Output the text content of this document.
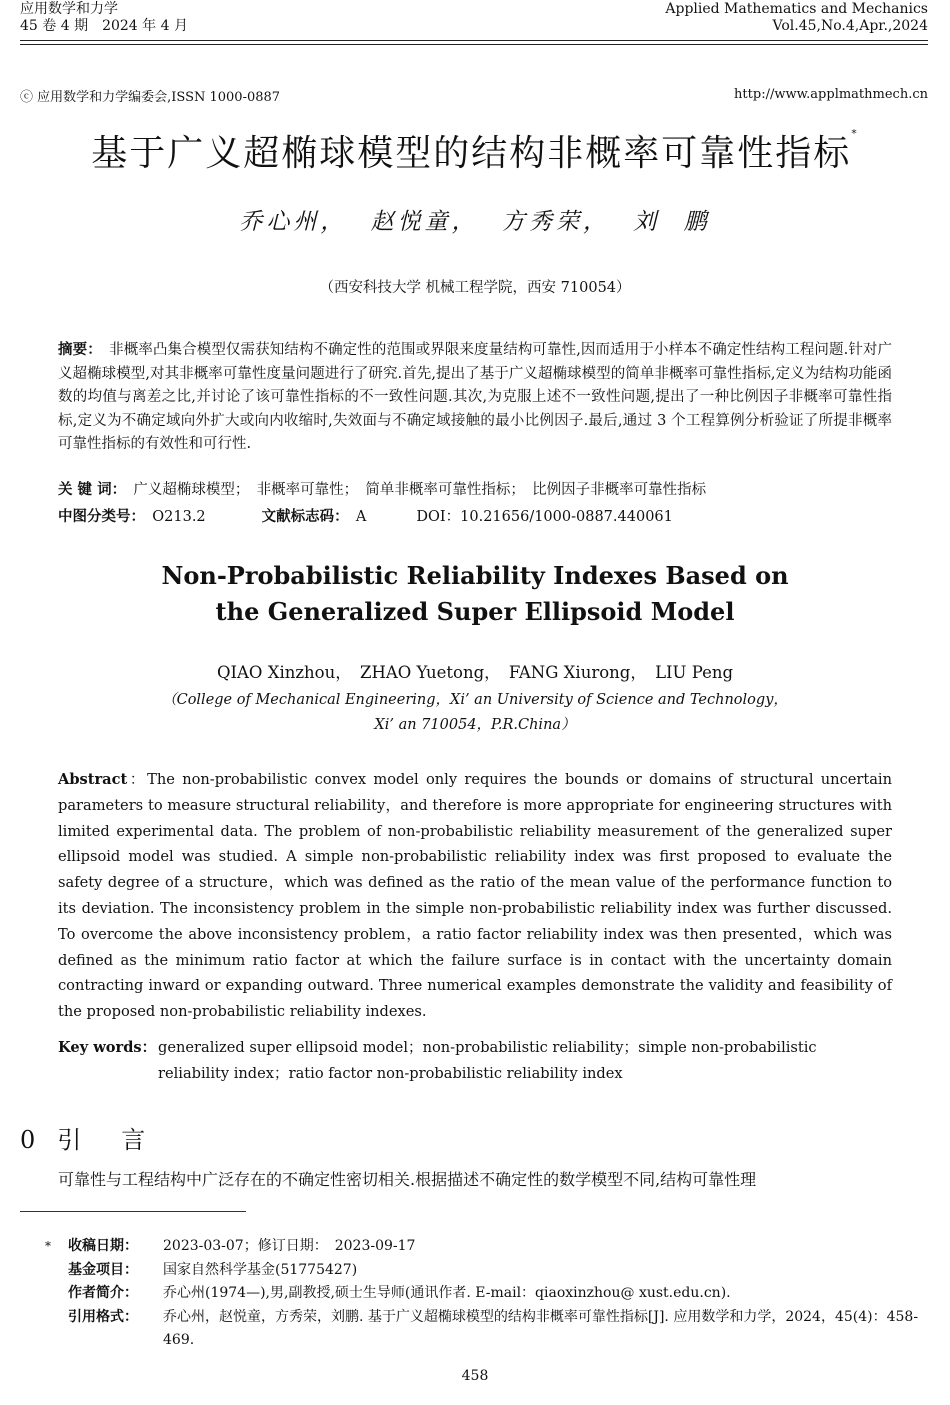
应用数学和力学
45 卷 4 期　2024 年 4 月
Applied Mathematics and Mechanics
Vol.45,No.4,Apr.,2024
ⓒ 应用数学和力学编委会,ISSN 1000-0887	http://www.applmathmech.cn
基于广义超椭球模型的结构非概率可靠性指标*
乔心州， 赵悦童， 方秀荣， 刘 鹏
（西安科技大学 机械工程学院，西安 710054）
摘要：　 非概率凸集合模型仅需获知结构不确定性的范围或界限来度量结构可靠性,因而适用于小样本不确定性结构工程问题.针对广义超椭球模型,对其非概率可靠性度量问题进行了研究.首先,提出了基于广义超椭球模型的简单非概率可靠性指标,定义为结构功能函数的均值与离差之比,并讨论了该可靠性指标的不一致性问题.其次,为克服上述不一致性问题,提出了一种比例因子非概率可靠性指标,定义为不确定域向外扩大或向内收缩时,失效面与不确定域接触的最小比例因子.最后,通过 3 个工程算例分析验证了所提非概率可靠性指标的有效性和可行性.
关 键 词：　 广义超椭球模型；　非概率可靠性；　简单非概率可靠性指标；　比例因子非概率可靠性指标
中图分类号：　 O213.2	文献标志码：　 A	DOI：10.21656/1000-0887.440061
Non-Probabilistic Reliability Indexes Based on
the Generalized Super Ellipsoid Model
QIAO Xinzhou，　ZHAO Yuetong，　FANG Xiurong，　LIU Peng
（College of Mechanical Engineering，Xi’ an University of Science and Technology，
Xi’ an 710054，P.R.China）
Abstract：The non-probabilistic convex model only requires the bounds or domains of structural uncertain parameters to measure structural reliability，and therefore is more appropriate for engineering structures with limited experimental data. The problem of non-probabilistic reliability measurement of the generalized super ellipsoid model was studied. A simple non-probabilistic reliability index was first proposed to evaluate the safety degree of a structure，which was defined as the ratio of the mean value of the performance function to its deviation. The inconsistency problem in the simple non-probabilistic reliability index was further discussed. To overcome the above inconsistency problem，a ratio factor reliability index was then presented，which was defined as the minimum ratio factor at which the failure surface is in contact with the uncertainty domain contracting inward or expanding outward. Three numerical examples demonstrate the validity and feasibility of the proposed non-probabilistic reliability indexes.
Key words： generalized super ellipsoid model；non-probabilistic reliability；simple non-probabilistic reliability index；ratio factor non-probabilistic reliability index
0 引言
可靠性与工程结构中广泛存在的不确定性密切相关.根据描述不确定性的数学模型不同,结构可靠性理
* 收稿日期： 2023-03-07；修订日期：　2023-09-17
基金项目： 国家自然科学基金(51775427)
作者简介： 乔心州(1974—),男,副教授,硕士生导师(通讯作者. E-mail：qiaoxinzhou@ xust.edu.cn).
引用格式： 乔心州，赵悦童，方秀荣，刘鹏. 基于广义超椭球模型的结构非概率可靠性指标[J]. 应用数学和力学，2024，45(4)：458-469.
458
